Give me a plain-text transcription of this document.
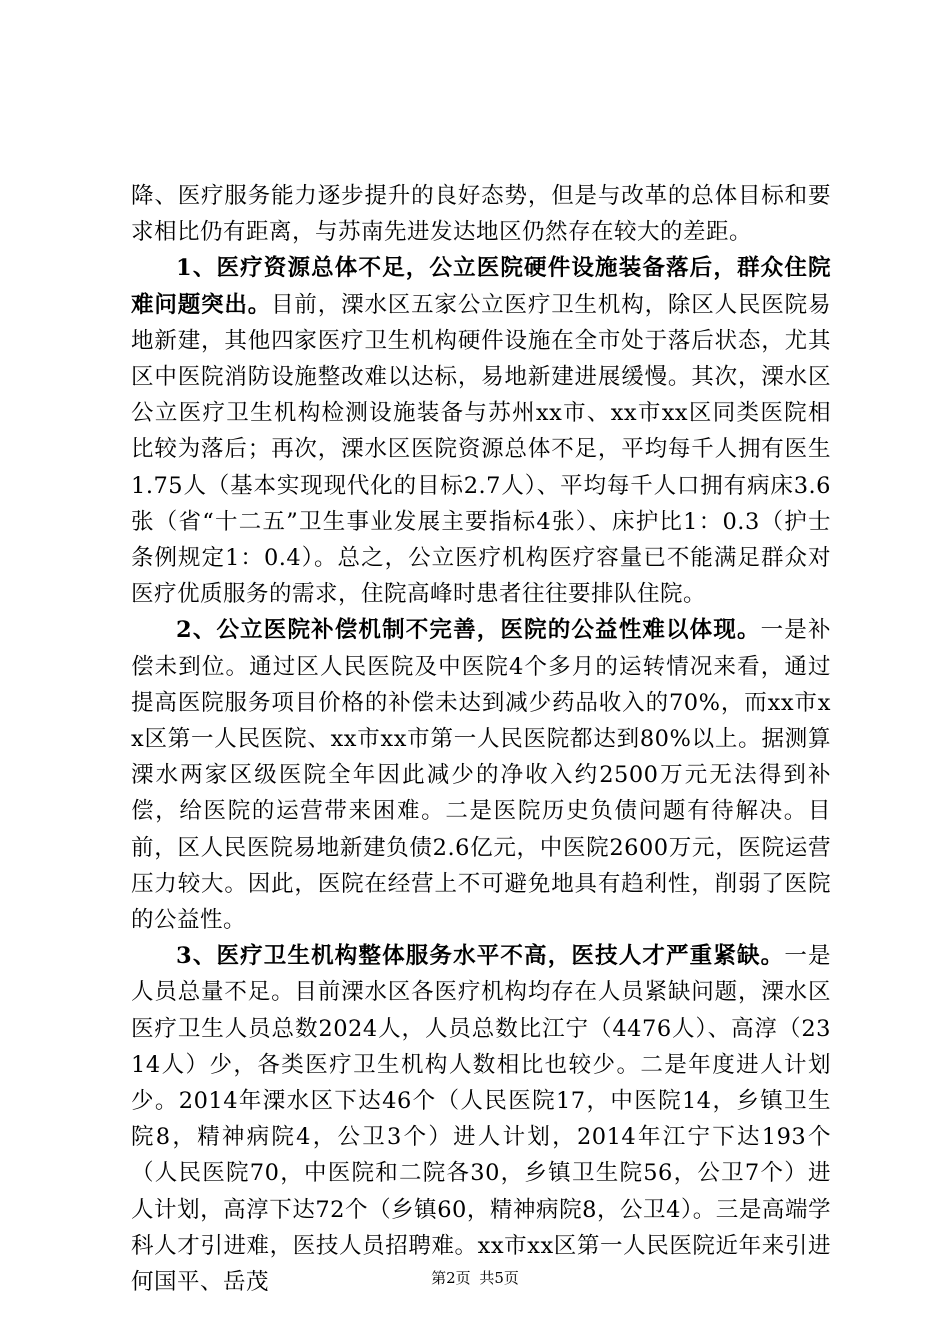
降、医疗服务能力逐步提升的良好态势，但是与改革的总体目标和要求相比仍有距离，与苏南先进发达地区仍然存在较大的差距。

1、医疗资源总体不足，公立医院硬件设施装备落后，群众住院难问题突出。目前，溧水区五家公立医疗卫生机构，除区人民医院易地新建，其他四家医疗卫生机构硬件设施在全市处于落后状态，尤其区中医院消防设施整改难以达标，易地新建进展缓慢。其次，溧水区公立医疗卫生机构检测设施装备与苏州xx市、xx市xx区同类医院相比较为落后；再次，溧水区医院资源总体不足，平均每千人拥有医生1.75人（基本实现现代化的目标2.7人）、平均每千人口拥有病床3.6张（省“十二五”卫生事业发展主要指标4张）、床护比1：0.3（护士条例规定1：0.4）。总之，公立医疗机构医疗容量已不能满足群众对医疗优质服务的需求，住院高峰时患者往往要排队住院。

2、公立医院补偿机制不完善，医院的公益性难以体现。一是补偿未到位。通过区人民医院及中医院4个多月的运转情况来看，通过提高医院服务项目价格的补偿未达到减少药品收入的70%，而xx市xx区第一人民医院、xx市xx市第一人民医院都达到80%以上。据测算溧水两家区级医院全年因此减少的净收入约2500万元无法得到补偿，给医院的运营带来困难。二是医院历史负债问题有待解决。目前，区人民医院易地新建负债2.6亿元，中医院2600万元，医院运营压力较大。因此，医院在经营上不可避免地具有趋利性，削弱了医院的公益性。

3、医疗卫生机构整体服务水平不高，医技人才严重紧缺。一是人员总量不足。目前溧水区各医疗机构均存在人员紧缺问题，溧水区医疗卫生人员总数2024人，人员总数比江宁（4476人）、高淳（2314人）少，各类医疗卫生机构人数相比也较少。二是年度进人计划少。2014年溧水区下达46个（人民医院17，中医院14，乡镇卫生院8，精神病院4，公卫3个）进人计划，2014年江宁下达193个（人民医院70，中医院和二院各30，乡镇卫生院56，公卫7个）进人计划，高淳下达72个（乡镇60，精神病院8，公卫4）。三是高端学科人才引进难，医技人员招聘难。xx市xx区第一人民医院近年来引进何国平、岳茂	第2页 共5页
